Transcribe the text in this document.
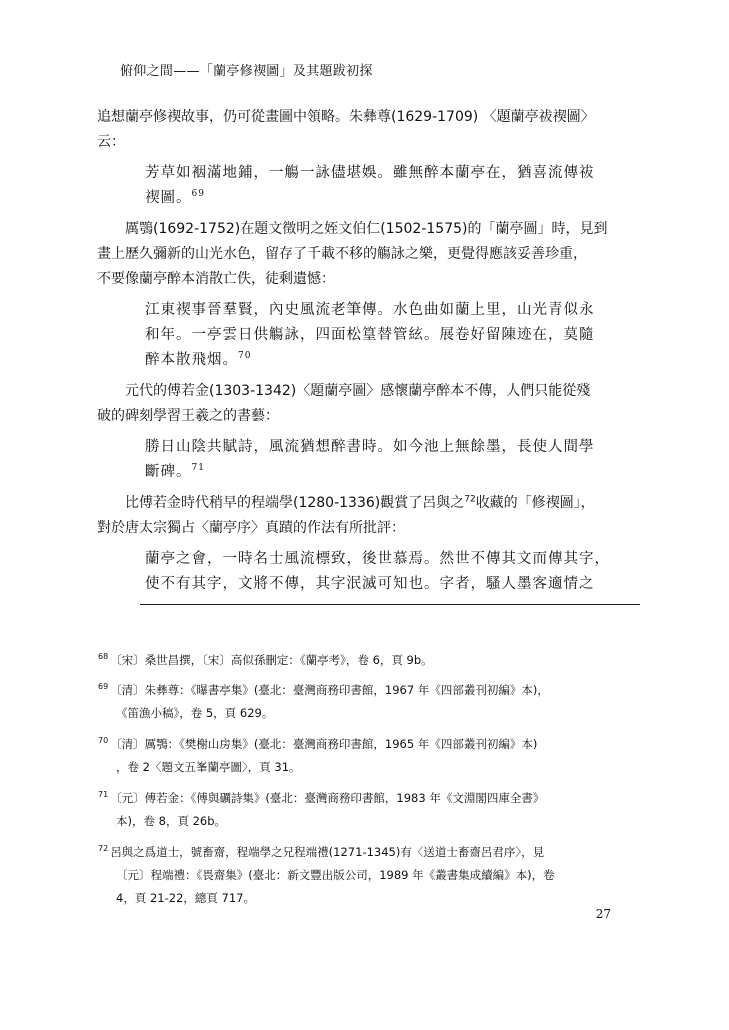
俯仰之間——「蘭亭修禊圖」及其題跋初探
追想蘭亭修禊故事，仍可從畫圖中領略。朱彝尊(1629-1709) 〈題蘭亭祓禊圖〉
云：
芳草如裀滿地鋪，一觴一詠儘堪娛。雖無醉本蘭亭在，猶喜流傳祓
禊圖。$^{69}$
厲鶚(1692-1752)在題文徵明之姪文伯仁(1502-1575)的「蘭亭圖」時，見到
畫上歷久彌新的山光水色，留存了千載不移的觴詠之樂，更覺得應該妥善珍重，
不要像蘭亭醉本消散亡佚，徒剩遺憾：
江東禊事晉羣賢，內史風流老筆傳。水色曲如蘭上里，山光青似永
和年。一亭雲日供觴詠，四面松篁替管絃。展卷好留陳迹在，莫隨
醉本散飛烟。$^{70}$
元代的傅若金(1303-1342)〈題蘭亭圖〉感懷蘭亭醉本不傳，人們只能從殘
破的碑刻學習王羲之的書藝：
勝日山陰共賦詩，風流猶想醉書時。如今池上無餘墨，長使人間學
斷碑。$^{71}$
比傅若金時代稍早的程端學(1280-1336)觀賞了呂與之$^{72}$收藏的「修禊圖」，
對於唐太宗獨占〈蘭亭序〉真蹟的作法有所批評：
蘭亭之會，一時名士風流標致，後世慕焉。然世不傳其文而傳其字，
使不有其字，文將不傳，其字泯滅可知也。字者，騷人墨客適情之
$^{68}$ 〔宋〕桑世昌撰，〔宋〕高似孫刪定：《蘭亭考》，卷 6，頁 9b。
$^{69}$ 〔清〕朱彝尊：《曝書亭集》(臺北：臺灣商務印書館，1967 年《四部叢刊初編》本)，
《笛漁小稿》，卷 5，頁 629。
$^{70}$ 〔清〕厲鶚：《樊榭山房集》(臺北：臺灣商務印書館，1965 年《四部叢刊初編》本)
，卷 2〈題文五峯蘭亭圖〉，頁 31。
$^{71}$ 〔元〕傅若金：《傅與礪詩集》(臺北：臺灣商務印書館，1983 年《文淵閣四庫全書》
本)，卷 8，頁 26b。
$^{72}$ 呂與之爲道士，號畜齋，程端學之兄程端禮(1271-1345)有〈送道士畜齋呂君序〉，見
〔元〕程端禮：《畏齋集》(臺北：新文豐出版公司，1989 年《叢書集成續編》本)，卷
4，頁 21-22，總頁 717。
27
